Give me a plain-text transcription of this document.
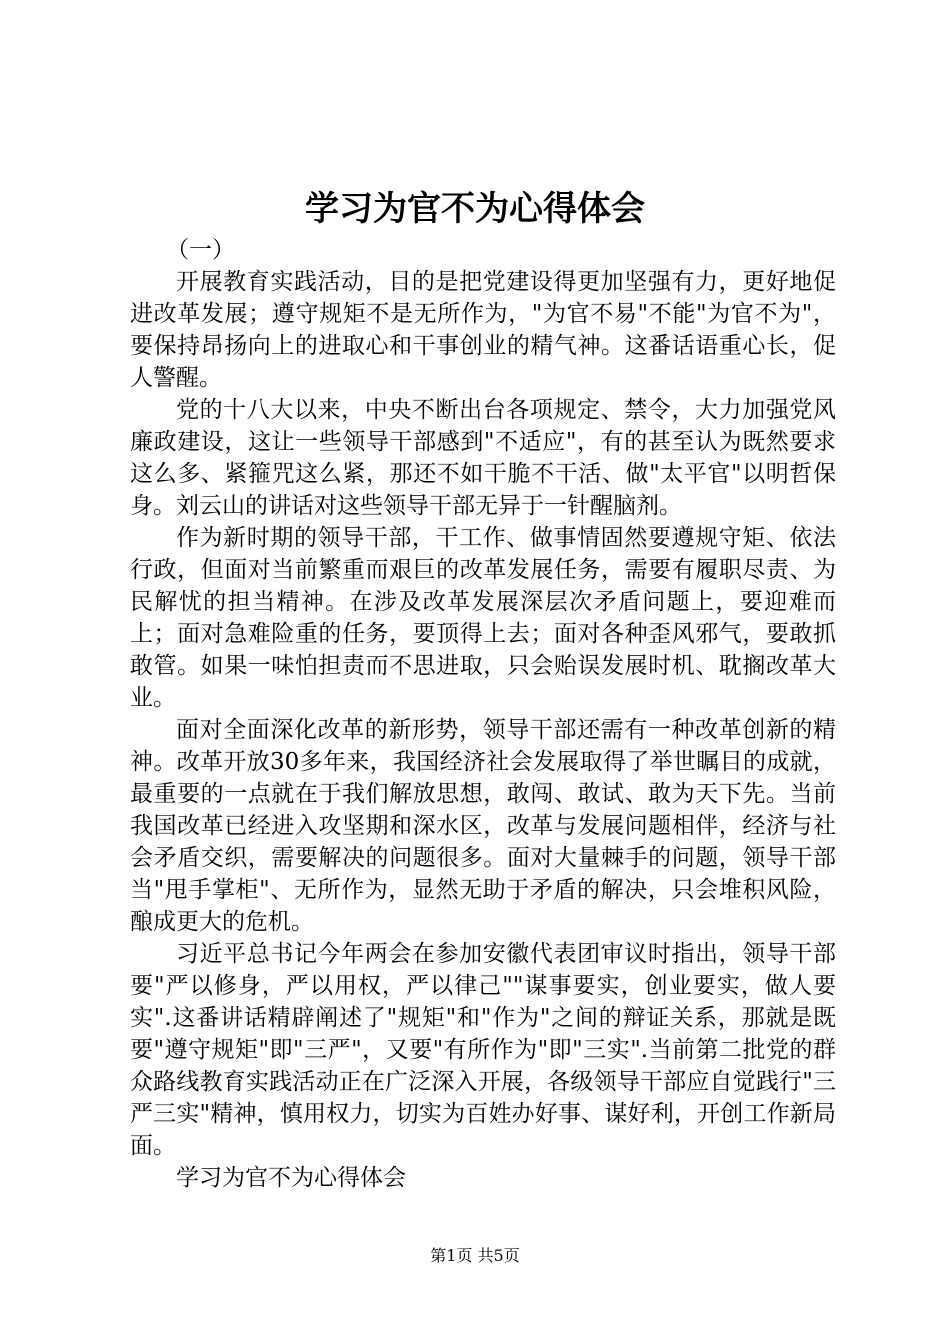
学习为官不为心得体会

（一）

开展教育实践活动，目的是把党建设得更加坚强有力，更好地促进改革发展；遵守规矩不是无所作为，"为官不易"不能"为官不为"，要保持昂扬向上的进取心和干事创业的精气神。这番话语重心长，促人警醒。

党的十八大以来，中央不断出台各项规定、禁令，大力加强党风廉政建设，这让一些领导干部感到"不适应"，有的甚至认为既然要求这么多、紧箍咒这么紧，那还不如干脆不干活、做"太平官"以明哲保身。刘云山的讲话对这些领导干部无异于一针醒脑剂。

作为新时期的领导干部，干工作、做事情固然要遵规守矩、依法行政，但面对当前繁重而艰巨的改革发展任务，需要有履职尽责、为民解忧的担当精神。在涉及改革发展深层次矛盾问题上，要迎难而上；面对急难险重的任务，要顶得上去；面对各种歪风邪气，要敢抓敢管。如果一味怕担责而不思进取，只会贻误发展时机、耽搁改革大业。

面对全面深化改革的新形势，领导干部还需有一种改革创新的精神。改革开放30多年来，我国经济社会发展取得了举世瞩目的成就，最重要的一点就在于我们解放思想，敢闯、敢试、敢为天下先。当前我国改革已经进入攻坚期和深水区，改革与发展问题相伴，经济与社会矛盾交织，需要解决的问题很多。面对大量棘手的问题，领导干部当"甩手掌柜"、无所作为，显然无助于矛盾的解决，只会堆积风险，酿成更大的危机。

习近平总书记今年两会在参加安徽代表团审议时指出，领导干部要"严以修身，严以用权，严以律己""谋事要实，创业要实，做人要实".这番讲话精辟阐述了"规矩"和"作为"之间的辩证关系，那就是既要"遵守规矩"即"三严"，又要"有所作为"即"三实".当前第二批党的群众路线教育实践活动正在广泛深入开展，各级领导干部应自觉践行"三严三实"精神，慎用权力，切实为百姓办好事、谋好利，开创工作新局面。

学习为官不为心得体会

第1页 共5页
